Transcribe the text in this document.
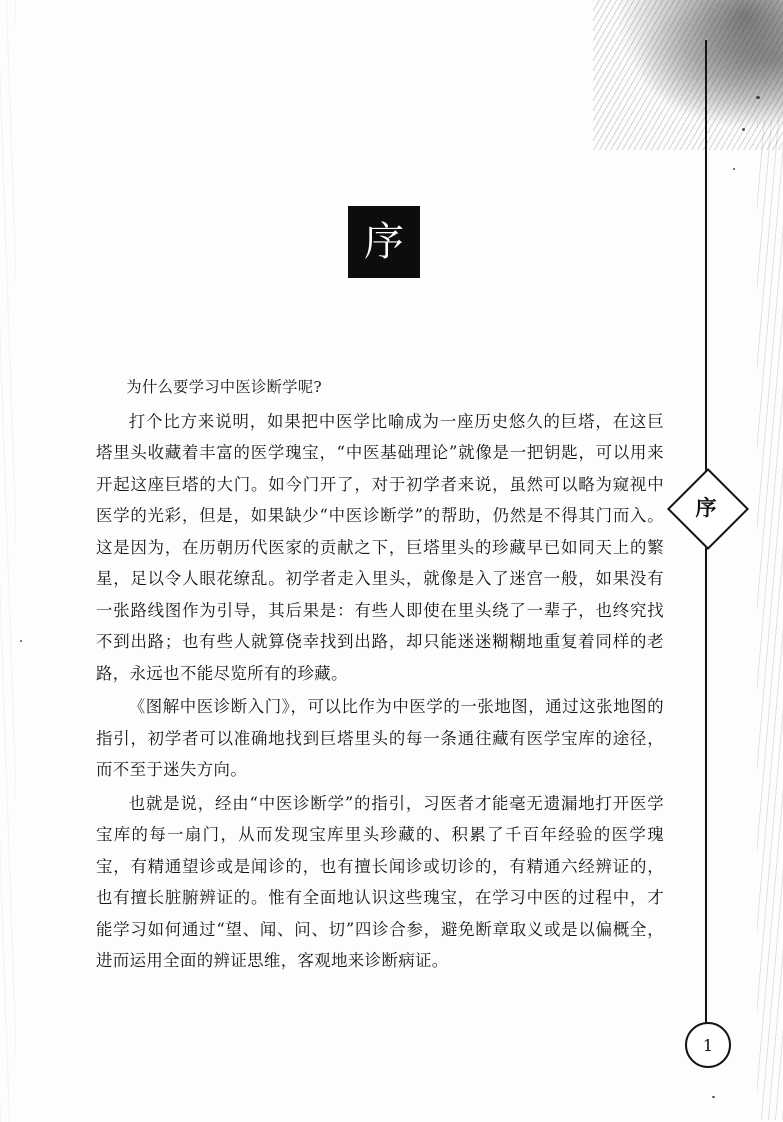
序
序

为什么要学习中医诊断学呢?

打个比方来说明，如果把中医学比喻成为一座历史悠久的巨塔，在这巨塔里头收藏着丰富的医学瑰宝，“中医基础理论”就像是一把钥匙，可以用来开起这座巨塔的大门。如今门开了，对于初学者来说，虽然可以略为窥视中医学的光彩，但是，如果缺少“中医诊断学”的帮助，仍然是不得其门而入。这是因为，在历朝历代医家的贡献之下，巨塔里头的珍藏早已如同天上的繁星，足以令人眼花缭乱。初学者走入里头，就像是入了迷宫一般，如果没有一张路线图作为引导，其后果是：有些人即使在里头绕了一辈子，也终究找不到出路；也有些人就算侥幸找到出路，却只能迷迷糊糊地重复着同样的老路，永远也不能尽览所有的珍藏。

《图解中医诊断入门》，可以比作为中医学的一张地图，通过这张地图的指引，初学者可以准确地找到巨塔里头的每一条通往藏有医学宝库的途径，而不至于迷失方向。

也就是说，经由“中医诊断学”的指引，习医者才能毫无遗漏地打开医学宝库的每一扇门，从而发现宝库里头珍藏的、积累了千百年经验的医学瑰宝，有精通望诊或是闻诊的，也有擅长闻诊或切诊的，有精通六经辨证的，也有擅长脏腑辨证的。惟有全面地认识这些瑰宝，在学习中医的过程中，才能学习如何通过“望、闻、问、切”四诊合参，避免断章取义或是以偏概全，进而运用全面的辨证思维，客观地来诊断病证。

1
